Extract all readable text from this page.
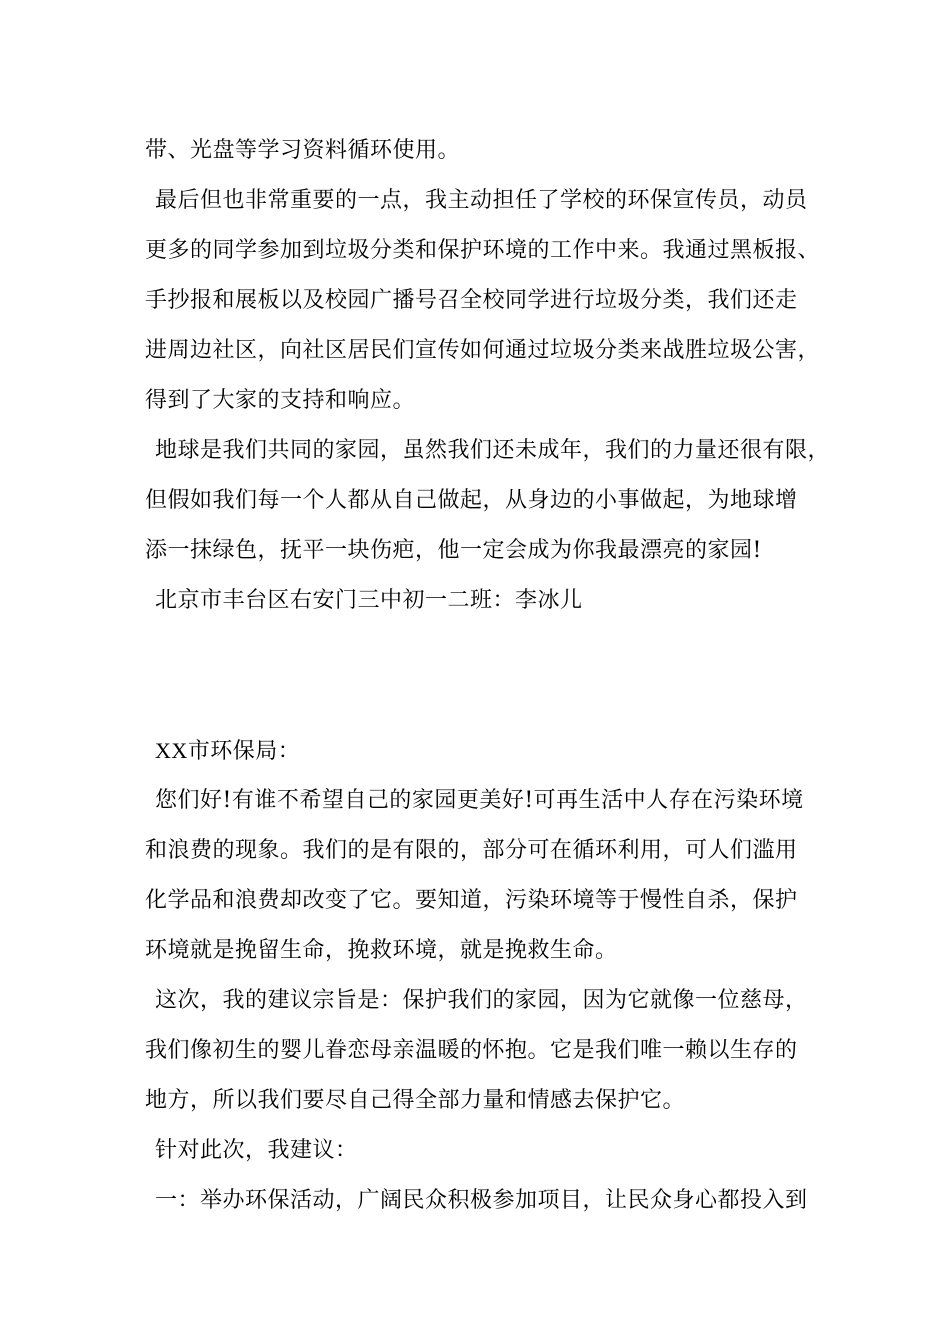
带、光盘等学习资料循环使用。
最后但也非常重要的一点，我主动担任了学校的环保宣传员，动员
更多的同学参加到垃圾分类和保护环境的工作中来。我通过黑板报、
手抄报和展板以及校园广播号召全校同学进行垃圾分类，我们还走
进周边社区，向社区居民们宣传如何通过垃圾分类来战胜垃圾公害，
得到了大家的支持和响应。
地球是我们共同的家园，虽然我们还未成年，我们的力量还很有限，
但假如我们每一个人都从自己做起，从身边的小事做起，为地球增
添一抹绿色，抚平一块伤疤，他一定会成为你我最漂亮的家园!
北京市丰台区右安门三中初一二班：李冰儿
XX市环保局：
您们好!有谁不希望自己的家园更美好!可再生活中人存在污染环境
和浪费的现象。我们的是有限的，部分可在循环利用，可人们滥用
化学品和浪费却改变了它。要知道，污染环境等于慢性自杀，保护
环境就是挽留生命，挽救环境，就是挽救生命。
这次，我的建议宗旨是：保护我们的家园，因为它就像一位慈母，
我们像初生的婴儿眷恋母亲温暖的怀抱。它是我们唯一赖以生存的
地方，所以我们要尽自己得全部力量和情感去保护它。
针对此次，我建议：
一：举办环保活动，广阔民众积极参加项目，让民众身心都投入到
